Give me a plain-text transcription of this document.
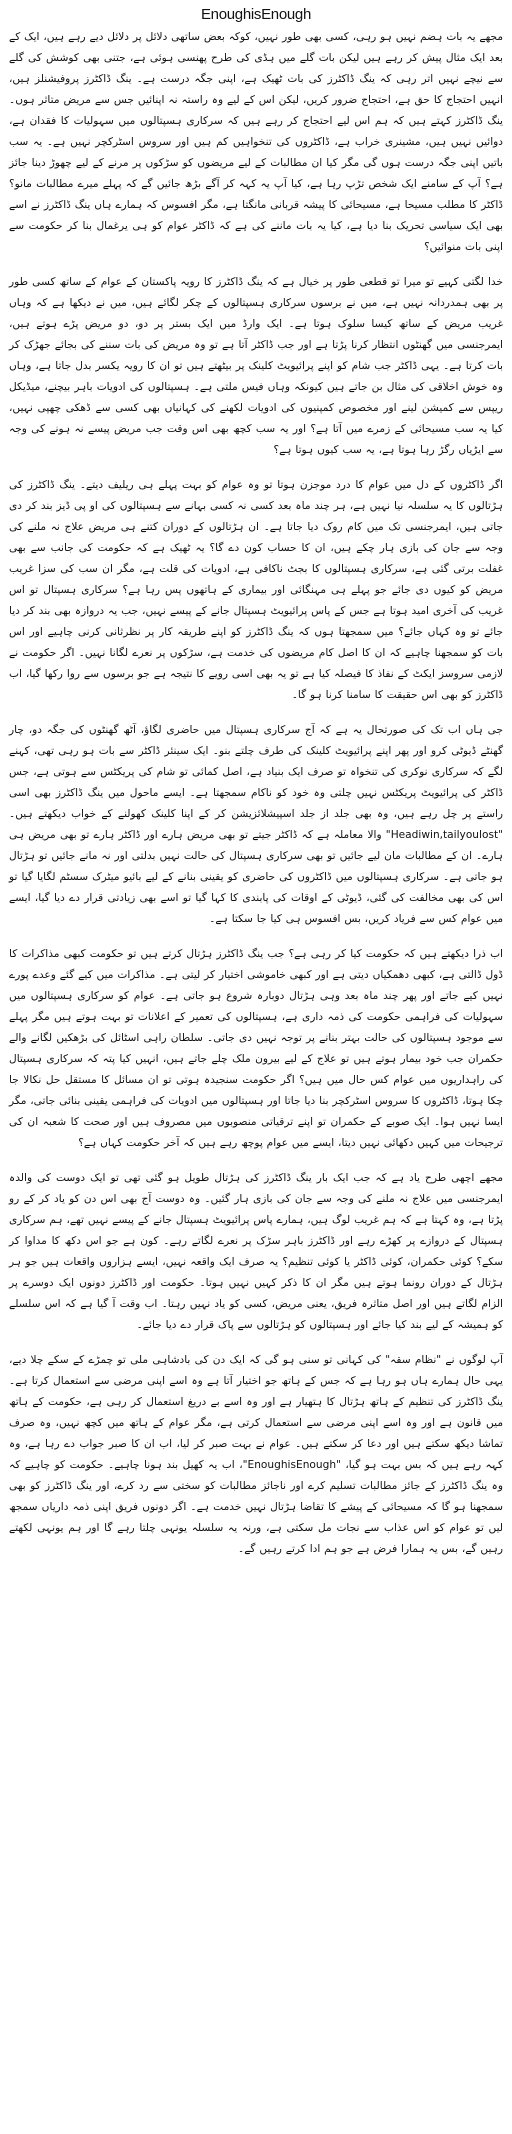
EnoughisEnough

مجھے یہ بات ہضم نہیں ہو رہی، کسی بھی طور نہیں، کوکہ بعض ساتھی دلائل پر دلائل دیے رہے ہیں، ایک کے بعد ایک مثال پیش کر رہے ہیں لیکن بات گلے میں ہڈی کی طرح پھنسی ہوئی ہے، جتنی بھی کوشش کی گلے سے نیچے نہیں اتر رہی کہ ینگ ڈاکٹرز کی بات ٹھیک ہے، اپنی جگہ درست ہے۔ ینگ ڈاکٹرز پروفیشنلز ہیں، انہیں احتجاج کا حق ہے، احتجاج ضرور کریں، لیکن اس کے لیے وہ راستہ نہ اپنائیں جس سے مریض متاثر ہوں۔ ینگ ڈاکٹرز کہتے ہیں کہ ہم اس لیے احتجاج کر رہے ہیں کہ سرکاری ہسپتالوں میں سہولیات کا فقدان ہے، دوائیں نہیں ہیں، مشینری خراب ہے، ڈاکٹروں کی تنخواہیں کم ہیں اور سروس اسٹرکچر نہیں ہے۔ یہ سب باتیں اپنی جگہ درست ہوں گی مگر کیا ان مطالبات کے لیے مریضوں کو سڑکوں پر مرنے کے لیے چھوڑ دینا جائز ہے؟ آپ کے سامنے ایک شخص تڑپ رہا ہے، کیا آپ یہ کہہ کر آگے بڑھ جائیں گے کہ پہلے میرے مطالبات مانو؟ ڈاکٹر کا مطلب مسیحا ہے، مسیحائی کا پیشہ قربانی مانگتا ہے، مگر افسوس کہ ہمارے ہاں ینگ ڈاکٹرز نے اسے بھی ایک سیاسی تحریک بنا دیا ہے، کیا یہ بات ماننے کی ہے کہ ڈاکٹر عوام کو ہی یرغمال بنا کر حکومت سے اپنی بات منوائیں؟

خدا لگتی کہیے تو میرا تو قطعی طور پر خیال ہے کہ ینگ ڈاکٹرز کا رویہ پاکستان کے عوام کے ساتھ کسی طور پر بھی ہمدردانہ نہیں ہے، میں نے برسوں سرکاری ہسپتالوں کے چکر لگائے ہیں، میں نے دیکھا ہے کہ وہاں غریب مریض کے ساتھ کیسا سلوک ہوتا ہے۔ ایک وارڈ میں ایک بستر پر دو، دو مریض پڑے ہوتے ہیں، ایمرجنسی میں گھنٹوں انتظار کرنا پڑتا ہے اور جب ڈاکٹر آتا ہے تو وہ مریض کی بات سننے کی بجائے جھڑک کر بات کرتا ہے۔ یہی ڈاکٹر جب شام کو اپنے پرائیویٹ کلینک پر بیٹھتے ہیں تو ان کا رویہ یکسر بدل جاتا ہے، وہاں وہ خوش اخلاقی کی مثال بن جاتے ہیں کیونکہ وہاں فیس ملتی ہے۔ ہسپتالوں کی ادویات باہر بیچنے، میڈیکل ریپس سے کمیشن لینے اور مخصوص کمپنیوں کی ادویات لکھنے کی کہانیاں بھی کسی سے ڈھکی چھپی نہیں، کیا یہ سب مسیحائی کے زمرے میں آتا ہے؟ اور یہ سب کچھ بھی اس وقت جب مریض پیسے نہ ہونے کی وجہ سے ایڑیاں رگڑ رہا ہوتا ہے، یہ سب کیوں ہوتا ہے؟

اگر ڈاکٹروں کے دل میں عوام کا درد موجزن ہوتا تو وہ عوام کو بہت پہلے ہی ریلیف دیتے۔ ینگ ڈاکٹرز کی ہڑتالوں کا یہ سلسلہ نیا نہیں ہے، ہر چند ماہ بعد کسی نہ کسی بہانے سے ہسپتالوں کی او پی ڈیز بند کر دی جاتی ہیں، ایمرجنسی تک میں کام روک دیا جاتا ہے۔ ان ہڑتالوں کے دوران کتنے ہی مریض علاج نہ ملنے کی وجہ سے جان کی بازی ہار چکے ہیں، ان کا حساب کون دے گا؟ یہ ٹھیک ہے کہ حکومت کی جانب سے بھی غفلت برتی گئی ہے، سرکاری ہسپتالوں کا بجٹ ناکافی ہے، ادویات کی قلت ہے، مگر ان سب کی سزا غریب مریض کو کیوں دی جائے جو پہلے ہی مہنگائی اور بیماری کے ہاتھوں پس رہا ہے؟ سرکاری ہسپتال تو اس غریب کی آخری امید ہوتا ہے جس کے پاس پرائیویٹ ہسپتال جانے کے پیسے نہیں، جب یہ دروازہ بھی بند کر دیا جائے تو وہ کہاں جائے؟ میں سمجھتا ہوں کہ ینگ ڈاکٹرز کو اپنے طریقہ کار پر نظرثانی کرنی چاہیے اور اس بات کو سمجھنا چاہیے کہ ان کا اصل کام مریضوں کی خدمت ہے، سڑکوں پر نعرے لگانا نہیں۔ اگر حکومت نے لازمی سروسز ایکٹ کے نفاذ کا فیصلہ کیا ہے تو یہ بھی اسی رویے کا نتیجہ ہے جو برسوں سے روا رکھا گیا، اب ڈاکٹرز کو بھی اس حقیقت کا سامنا کرنا ہو گا۔

جی ہاں اب تک کی صورتحال یہ ہے کہ آج سرکاری ہسپتال میں حاضری لگاؤ، آٹھ گھنٹوں کی جگہ دو، چار گھنٹے ڈیوٹی کرو اور پھر اپنے پرائیویٹ کلینک کی طرف چلتے بنو۔ ایک سینئر ڈاکٹر سے بات ہو رہی تھی، کہنے لگے کہ سرکاری نوکری کی تنخواہ تو صرف ایک بنیاد ہے، اصل کمائی تو شام کی پریکٹس سے ہوتی ہے، جس ڈاکٹر کی پرائیویٹ پریکٹس نہیں چلتی وہ خود کو ناکام سمجھتا ہے۔ ایسے ماحول میں ینگ ڈاکٹرز بھی اسی راستے پر چل رہے ہیں، وہ بھی جلد از جلد اسپیشلائزیشن کر کے اپنا کلینک کھولنے کے خواب دیکھتے ہیں۔ "Headiwin,tailyoulost" والا معاملہ ہے کہ ڈاکٹر جیتے تو بھی مریض ہارے اور ڈاکٹر ہارے تو بھی مریض ہی ہارے۔ ان کے مطالبات مان لیے جائیں تو بھی سرکاری ہسپتال کی حالت نہیں بدلتی اور نہ مانے جائیں تو ہڑتال ہو جاتی ہے۔ سرکاری ہسپتالوں میں ڈاکٹروں کی حاضری کو یقینی بنانے کے لیے بائیو میٹرک سسٹم لگایا گیا تو اس کی بھی مخالفت کی گئی، ڈیوٹی کے اوقات کی پابندی کا کہا گیا تو اسے بھی زیادتی قرار دے دیا گیا، ایسے میں عوام کس سے فریاد کریں، بس افسوس ہی کیا جا سکتا ہے۔

اب ذرا دیکھتے ہیں کہ حکومت کیا کر رہی ہے؟ جب ینگ ڈاکٹرز ہڑتال کرتے ہیں تو حکومت کبھی مذاکرات کا ڈول ڈالتی ہے، کبھی دھمکیاں دیتی ہے اور کبھی خاموشی اختیار کر لیتی ہے۔ مذاکرات میں کیے گئے وعدے پورے نہیں کیے جاتے اور پھر چند ماہ بعد وہی ہڑتال دوبارہ شروع ہو جاتی ہے۔ عوام کو سرکاری ہسپتالوں میں سہولیات کی فراہمی حکومت کی ذمہ داری ہے، ہسپتالوں کی تعمیر کے اعلانات تو بہت ہوتے ہیں مگر پہلے سے موجود ہسپتالوں کی حالت بہتر بنانے پر توجہ نہیں دی جاتی۔ سلطان راہی اسٹائل کی بڑھکیں لگانے والے حکمران جب خود بیمار ہوتے ہیں تو علاج کے لیے بیرون ملک چلے جاتے ہیں، انہیں کیا پتہ کہ سرکاری ہسپتال کی راہداریوں میں عوام کس حال میں ہیں؟ اگر حکومت سنجیدہ ہوتی تو ان مسائل کا مستقل حل نکالا جا چکا ہوتا، ڈاکٹروں کا سروس اسٹرکچر بنا دیا جاتا اور ہسپتالوں میں ادویات کی فراہمی یقینی بنائی جاتی، مگر ایسا نہیں ہوا۔ ایک صوبے کے حکمران تو اپنے ترقیاتی منصوبوں میں مصروف ہیں اور صحت کا شعبہ ان کی ترجیحات میں کہیں دکھائی نہیں دیتا، ایسے میں عوام پوچھ رہے ہیں کہ آخر حکومت کہاں ہے؟

مجھے اچھی طرح یاد ہے کہ جب ایک بار ینگ ڈاکٹرز کی ہڑتال طویل ہو گئی تھی تو ایک دوست کی والدہ ایمرجنسی میں علاج نہ ملنے کی وجہ سے جان کی بازی ہار گئیں۔ وہ دوست آج بھی اس دن کو یاد کر کے رو پڑتا ہے، وہ کہتا ہے کہ ہم غریب لوگ ہیں، ہمارے پاس پرائیویٹ ہسپتال جانے کے پیسے نہیں تھے، ہم سرکاری ہسپتال کے دروازے پر کھڑے رہے اور ڈاکٹرز باہر سڑک پر نعرے لگاتے رہے۔ کون ہے جو اس دکھ کا مداوا کر سکے؟ کوئی حکمران، کوئی ڈاکٹر یا کوئی تنظیم؟ یہ صرف ایک واقعہ نہیں، ایسے ہزاروں واقعات ہیں جو ہر ہڑتال کے دوران رونما ہوتے ہیں مگر ان کا ذکر کہیں نہیں ہوتا۔ حکومت اور ڈاکٹرز دونوں ایک دوسرے پر الزام لگاتے ہیں اور اصل متاثرہ فریق، یعنی مریض، کسی کو یاد نہیں رہتا۔ اب وقت آ گیا ہے کہ اس سلسلے کو ہمیشہ کے لیے بند کیا جائے اور ہسپتالوں کو ہڑتالوں سے پاک قرار دے دیا جائے۔

آپ لوگوں نے "نظام سقہ" کی کہانی تو سنی ہو گی کہ ایک دن کی بادشاہی ملی تو چمڑے کے سکے چلا دیے، یہی حال ہمارے ہاں ہو رہا ہے کہ جس کے ہاتھ جو اختیار آتا ہے وہ اسے اپنی مرضی سے استعمال کرتا ہے۔ ینگ ڈاکٹرز کی تنظیم کے ہاتھ ہڑتال کا ہتھیار ہے اور وہ اسے بے دریغ استعمال کر رہی ہے، حکومت کے ہاتھ میں قانون ہے اور وہ اسے اپنی مرضی سے استعمال کرتی ہے، مگر عوام کے ہاتھ میں کچھ نہیں، وہ صرف تماشا دیکھ سکتے ہیں اور دعا کر سکتے ہیں۔ عوام نے بہت صبر کر لیا، اب ان کا صبر جواب دے رہا ہے، وہ کہہ رہے ہیں کہ بس بہت ہو گیا، "EnoughisEnough"، اب یہ کھیل بند ہونا چاہیے۔ حکومت کو چاہیے کہ وہ ینگ ڈاکٹرز کے جائز مطالبات تسلیم کرے اور ناجائز مطالبات کو سختی سے رد کرے، اور ینگ ڈاکٹرز کو بھی سمجھنا ہو گا کہ مسیحائی کے پیشے کا تقاضا ہڑتال نہیں خدمت ہے۔ اگر دونوں فریق اپنی ذمہ داریاں سمجھ لیں تو عوام کو اس عذاب سے نجات مل سکتی ہے، ورنہ یہ سلسلہ یونہی چلتا رہے گا اور ہم یونہی لکھتے رہیں گے، بس یہ ہمارا فرض ہے جو ہم ادا کرتے رہیں گے۔
